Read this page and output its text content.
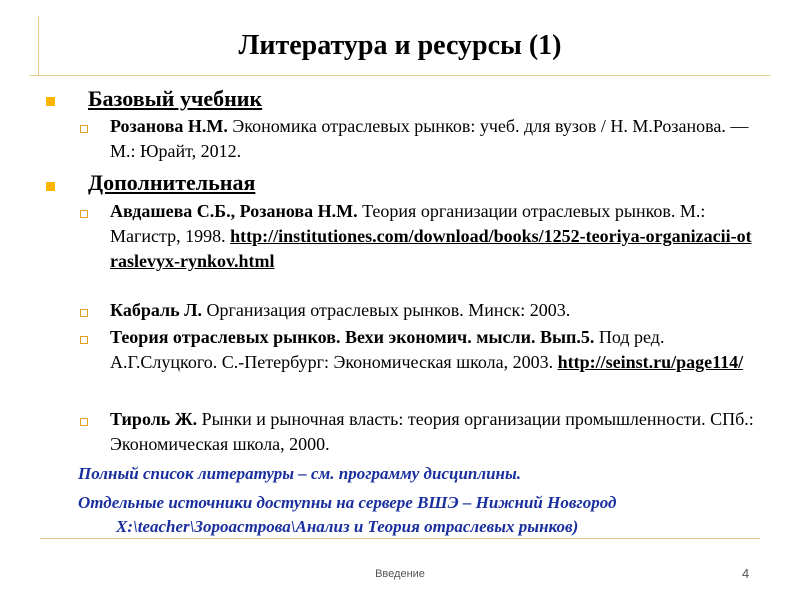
Литература и ресурсы (1)
Базовый учебник
Розанова Н.М. Экономика отраслевых рынков: учеб. для вузов / Н. М.Розанова. — М.: Юрайт, 2012.
Дополнительная
Авдашева С.Б., Розанова Н.М. Теория организации отраслевых рынков. М.: Магистр, 1998. http://institutiones.com/download/books/1252-teoriya-organizacii-otraslevyx-rynkov.html
Кабраль Л. Организация отраслевых рынков. Минск: 2003.
Теория отраслевых рынков. Вехи экономич. мысли. Вып.5. Под ред. А.Г.Слуцкого. С.-Петербург: Экономическая школа, 2003. http://seinst.ru/page114/
Тироль Ж. Рынки и рыночная власть: теория организации промышленности. СПб.: Экономическая школа, 2000.
Полный список литературы – см. программу дисциплины.
Отдельные источники доступны на сервере ВШЭ – Нижний Новгород
X:\teacher\Зороастрова\Анализ и Теория отраслевых рынков)
Введение	4
